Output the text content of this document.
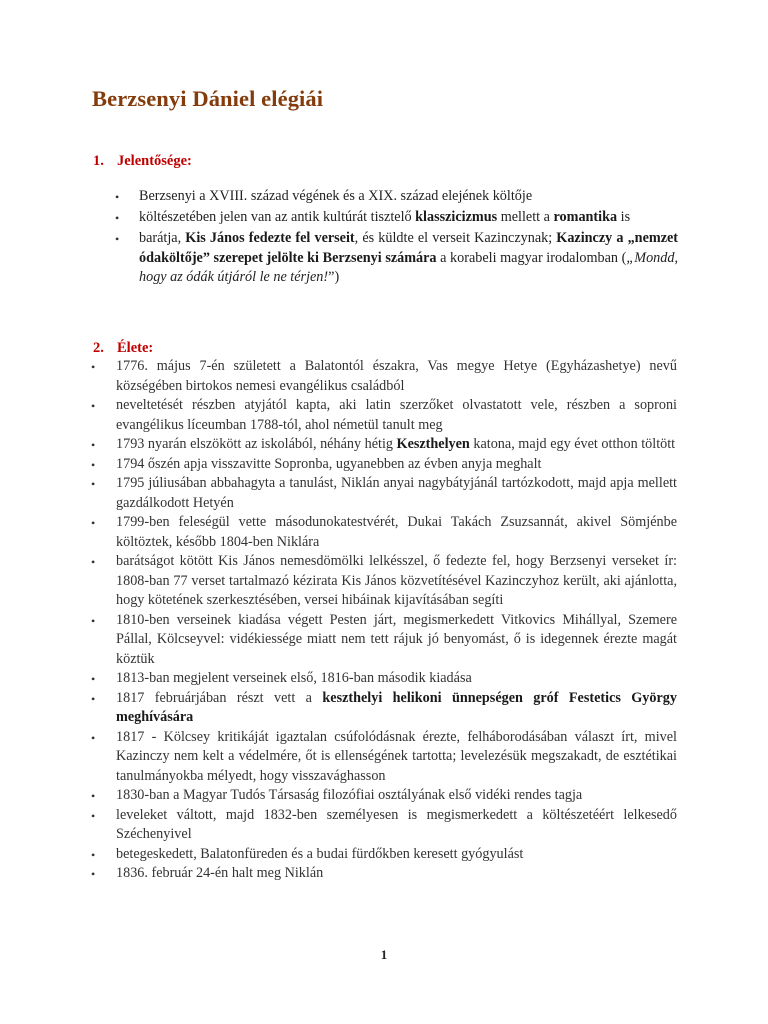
Berzsenyi Dániel elégiái
1. Jelentősége:
• Berzsenyi a XVIII. század végének és a XIX. század elejének költője
• költészetében jelen van az antik kultúrát tisztelő klasszicizmus mellett a romantika is
• barátja, Kis János fedezte fel verseit, és küldte el verseit Kazinczynak; Kazinczy a „nemzet ódaköltője” szerepet jelölte ki Berzsenyi számára a korabeli magyar irodalomban („Mondd, hogy az ódák útjáról le ne térjen!”)
2. Élete:
• 1776. május 7-én született a Balatontól északra, Vas megye Hetye (Egyházashetye) nevű községében birtokos nemesi evangélikus családból
• neveltetését részben atyjától kapta, aki latin szerzőket olvastatott vele, részben a soproni evangélikus líceumban 1788-tól, ahol németül tanult meg
• 1793 nyarán elszökött az iskolából, néhány hétig Keszthelyen katona, majd egy évet otthon töltött
• 1794 őszén apja visszavitte Sopronba, ugyanebben az évben anyja meghalt
• 1795 júliusában abbahagyta a tanulást, Niklán anyai nagybátyjánál tartózkodott, majd apja mellett gazdálkodott Hetyén
• 1799-ben feleségül vette másodunokatestvérét, Dukai Takách Zsuzsannát, akivel Sömjénbe költöztek, később 1804-ben Niklára
• barátságot kötött Kis János nemesdömölki lelkésszel, ő fedezte fel, hogy Berzsenyi verseket ír: 1808-ban 77 verset tartalmazó kézirata Kis János közvetítésével Kazinczyhoz került, aki ajánlotta, hogy kötetének szerkesztésében, versei hibáinak kijavításában segíti
• 1810-ben verseinek kiadása végett Pesten járt, megismerkedett Vitkovics Mihállyal, Szemere Pállal, Kölcseyvel: vidékiessége miatt nem tett rájuk jó benyomást, ő is idegennek érezte magát köztük
• 1813-ban megjelent verseinek első, 1816-ban második kiadása
• 1817 februárjában részt vett a keszthelyi helikoni ünnepségen gróf Festetics György meghívására
• 1817 - Kölcsey kritikáját igaztalan csúfolódásnak érezte, felháborodásában választ írt, mivel Kazinczy nem kelt a védelmére, őt is ellenségének tartotta; levelezésük megszakadt, de esztétikai tanulmányokba mélyedt, hogy visszavághasson
• 1830-ban a Magyar Tudós Társaság filozófiai osztályának első vidéki rendes tagja
• leveleket váltott, majd 1832-ben személyesen is megismerkedett a költészetéért lelkesedő Széchenyivel
• betegeskedett, Balatonfüreden és a budai fürdőkben keresett gyógyulást
• 1836. február 24-én halt meg Niklán
1
